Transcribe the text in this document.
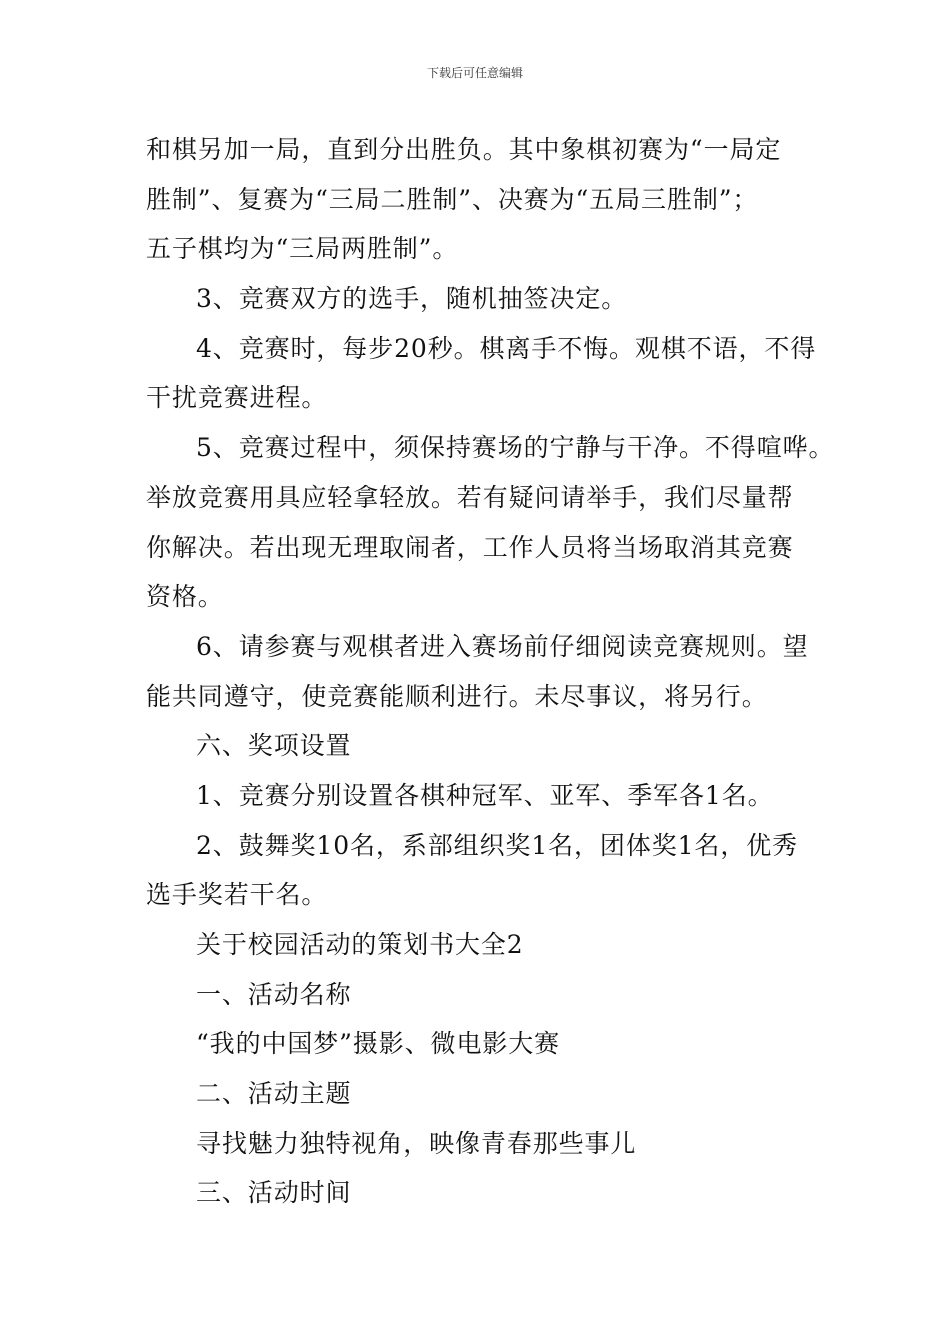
下载后可任意编辑

和棋另加一局，直到分出胜负。其中象棋初赛为“一局定

胜制”、复赛为“三局二胜制”、决赛为“五局三胜制”；

五子棋均为“三局两胜制”。

3、竞赛双方的选手，随机抽签决定。

4、竞赛时，每步20秒。棋离手不悔。观棋不语，不得

干扰竞赛进程。

5、竞赛过程中，须保持赛场的宁静与干净。不得喧哗。

举放竞赛用具应轻拿轻放。若有疑问请举手，我们尽量帮

你解决。若出现无理取闹者，工作人员将当场取消其竞赛

资格。

6、请参赛与观棋者进入赛场前仔细阅读竞赛规则。望

能共同遵守，使竞赛能顺利进行。未尽事议，将另行。

六、奖项设置

1、竞赛分别设置各棋种冠军、亚军、季军各1名。

2、鼓舞奖10名，系部组织奖1名，团体奖1名，优秀

选手奖若干名。

关于校园活动的策划书大全2

一、活动名称

“我的中国梦”摄影、微电影大赛

二、活动主题

寻找魅力独特视角，映像青春那些事儿

三、活动时间
